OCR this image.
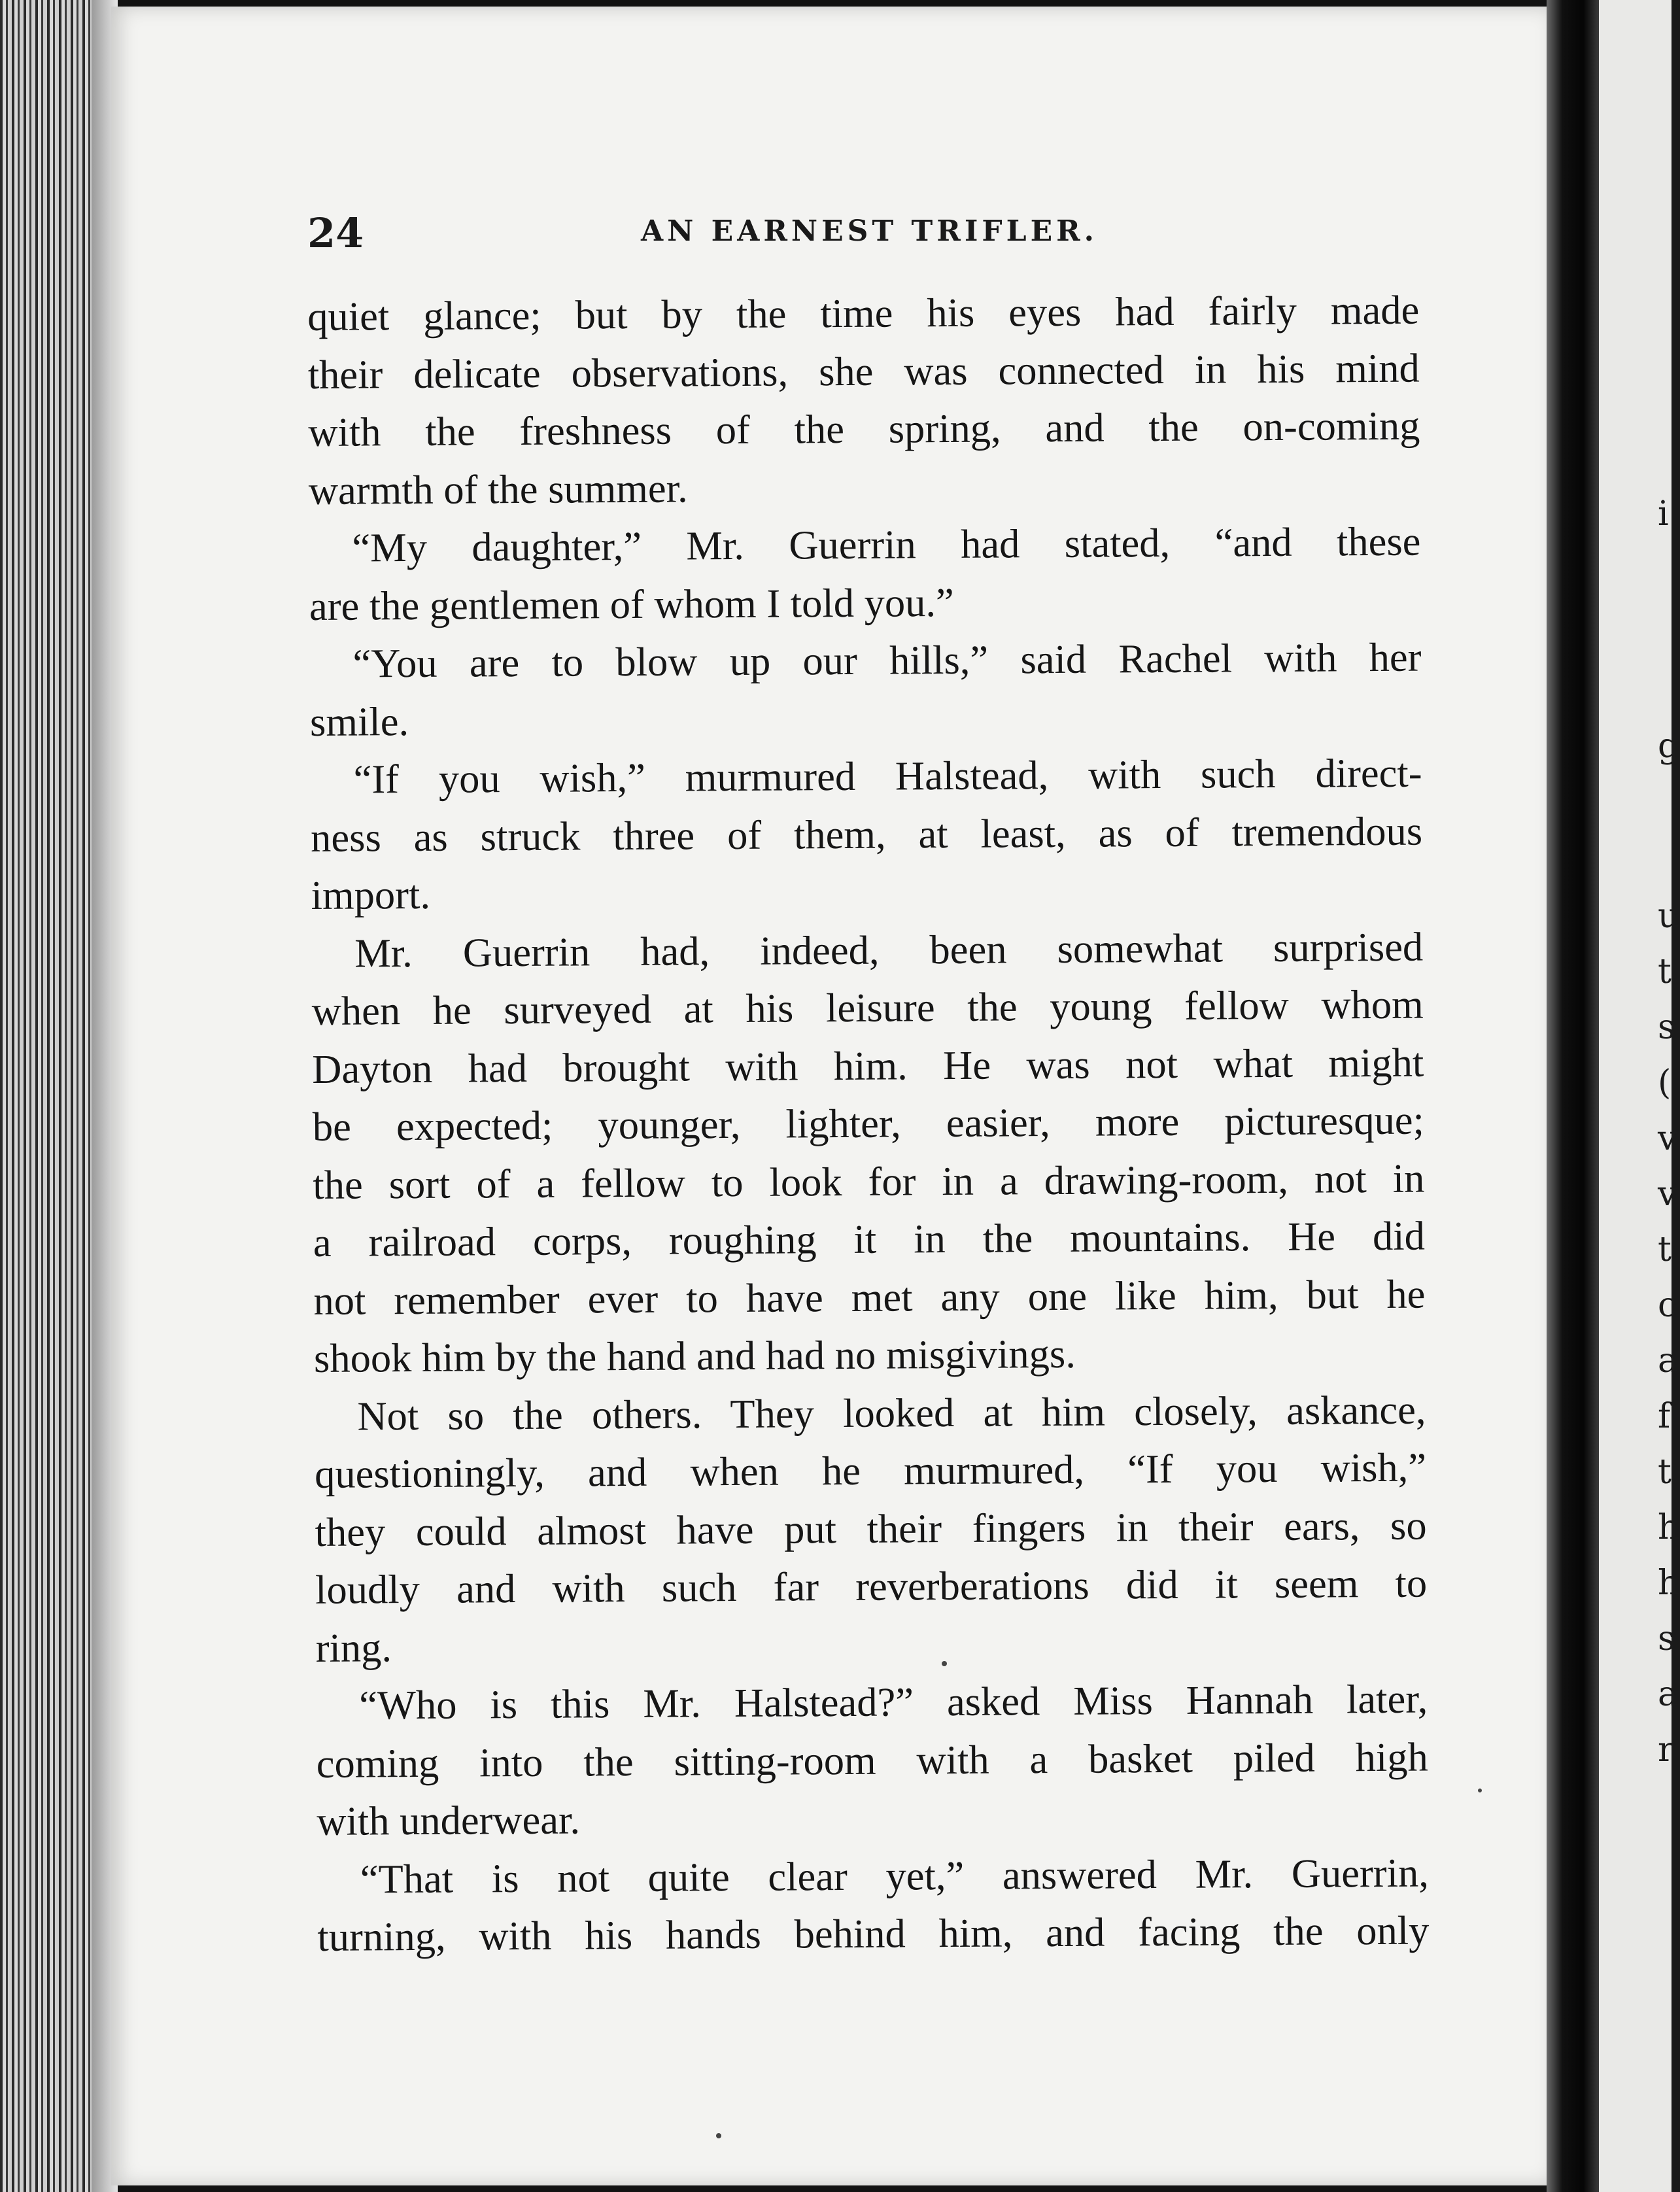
24	AN EARNEST TRIFLER.
quiet glance; but by the time his eyes had fairly made
their delicate observations, she was connected in his mind
with the freshness of the spring, and the on-coming
warmth of the summer.
“My daughter,” Mr. Guerrin had stated, “and these
are the gentlemen of whom I told you.”
“You are to blow up our hills,” said Rachel with her
smile.
“If you wish,” murmured Halstead, with such direct-
ness as struck three of them, at least, as of tremendous
import.
Mr. Guerrin had, indeed, been somewhat surprised
when he surveyed at his leisure the young fellow whom
Dayton had brought with him. He was not what might
be expected; younger, lighter, easier, more picturesque;
the sort of a fellow to look for in a drawing-room, not in
a railroad corps, roughing it in the mountains. He did
not remember ever to have met any one like him, but he
shook him by the hand and had no misgivings.
Not so the others. They looked at him closely, askance,
questioningly, and when he murmured, “If you wish,”
they could almost have put their fingers in their ears, so
loudly and with such far reverberations did it seem to
ring.
“Who is this Mr. Halstead?” asked Miss Hannah later,
coming into the sitting-room with a basket piled high
with underwear.
“That is not quite clear yet,” answered Mr. Guerrin,
turning, with his hands behind him, and facing the only
i
g
u
t
s
(
v
v
t
c
a
f
t
h
h
s
a
r
